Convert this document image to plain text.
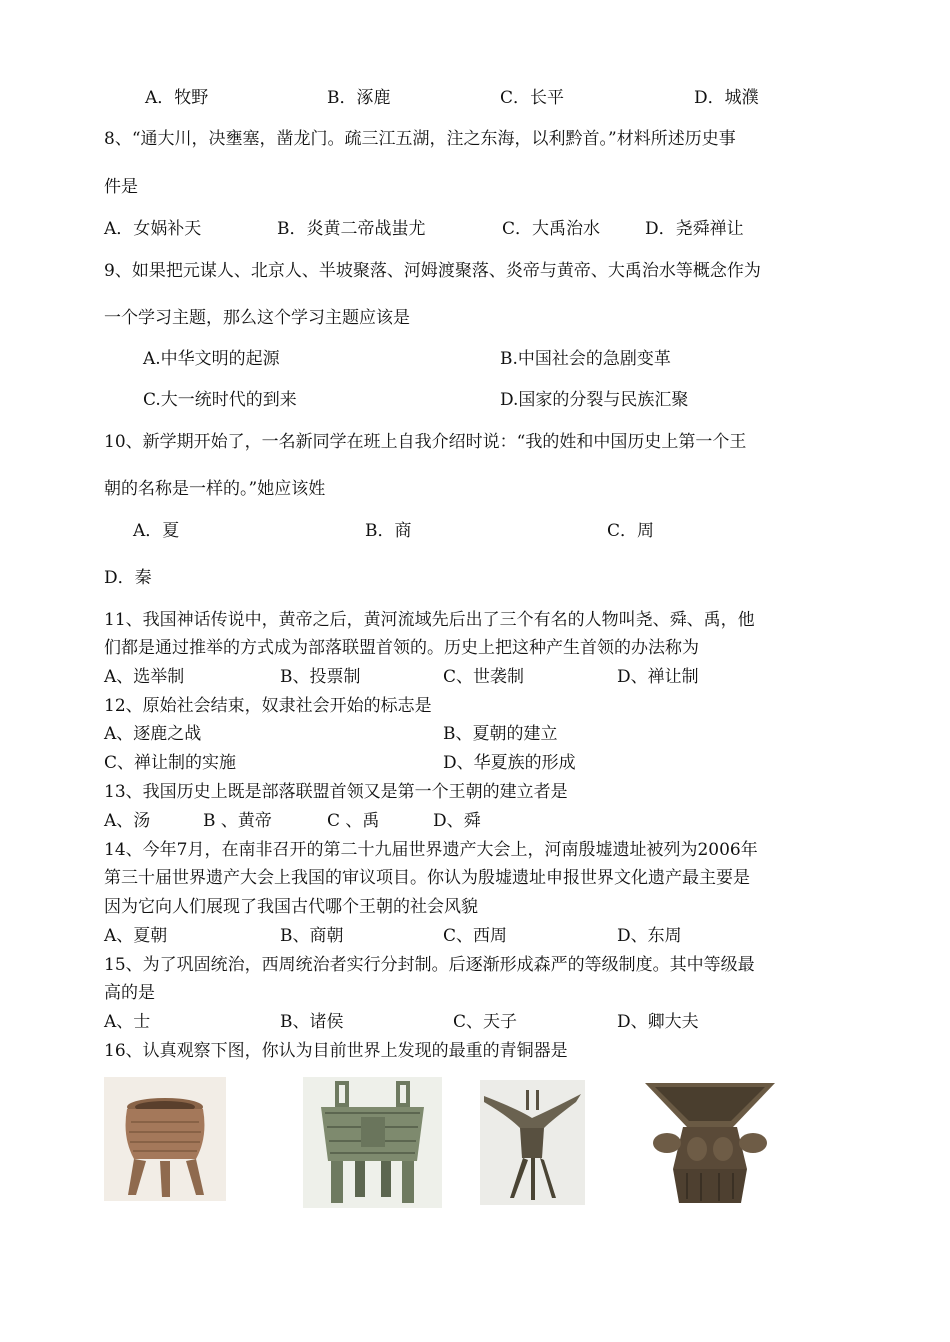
A．牧野	B．涿鹿	C．长平	D．城濮
8、“通大川，决壅塞，凿龙门。疏三江五湖，注之东海，以利黔首。”材料所述历史事
件是
A．女娲补天	B．炎黄二帝战蚩尤	C．大禹治水	D．尧舜禅让
9、如果把元谋人、北京人、半坡聚落、河姆渡聚落、炎帝与黄帝、大禹治水等概念作为
一个学习主题，那么这个学习主题应该是
A.中华文明的起源	B.中国社会的急剧变革
C.大一统时代的到来	D.国家的分裂与民族汇聚
10、新学期开始了，一名新同学在班上自我介绍时说：“我的姓和中国历史上第一个王
朝的名称是一样的。”她应该姓
A．夏	B．商	C．周
D．秦
11、我国神话传说中，黄帝之后，黄河流域先后出了三个有名的人物叫尧、舜、禹，他
们都是通过推举的方式成为部落联盟首领的。历史上把这种产生首领的办法称为
A、选举制	B、投票制	C、世袭制	D、禅让制
12、原始社会结束，奴隶社会开始的标志是
A、逐鹿之战	B、夏朝的建立
C、禅让制的实施	D、华夏族的形成
13、我国历史上既是部落联盟首领又是第一个王朝的建立者是
A、汤	B 、黄帝	C 、禹	D、舜
14、今年7月，在南非召开的第二十九届世界遗产大会上，河南殷墟遗址被列为2006年
第三十届世界遗产大会上我国的审议项目。你认为殷墟遗址申报世界文化遗产最主要是
因为它向人们展现了我国古代哪个王朝的社会风貌
A、夏朝	B、商朝	C、西周	D、东周
15、为了巩固统治，西周统治者实行分封制。后逐渐形成森严的等级制度。其中等级最
高的是
A、士	B、诸侯	C、天子	D、卿大夫
16、认真观察下图，你认为目前世界上发现的最重的青铜器是
